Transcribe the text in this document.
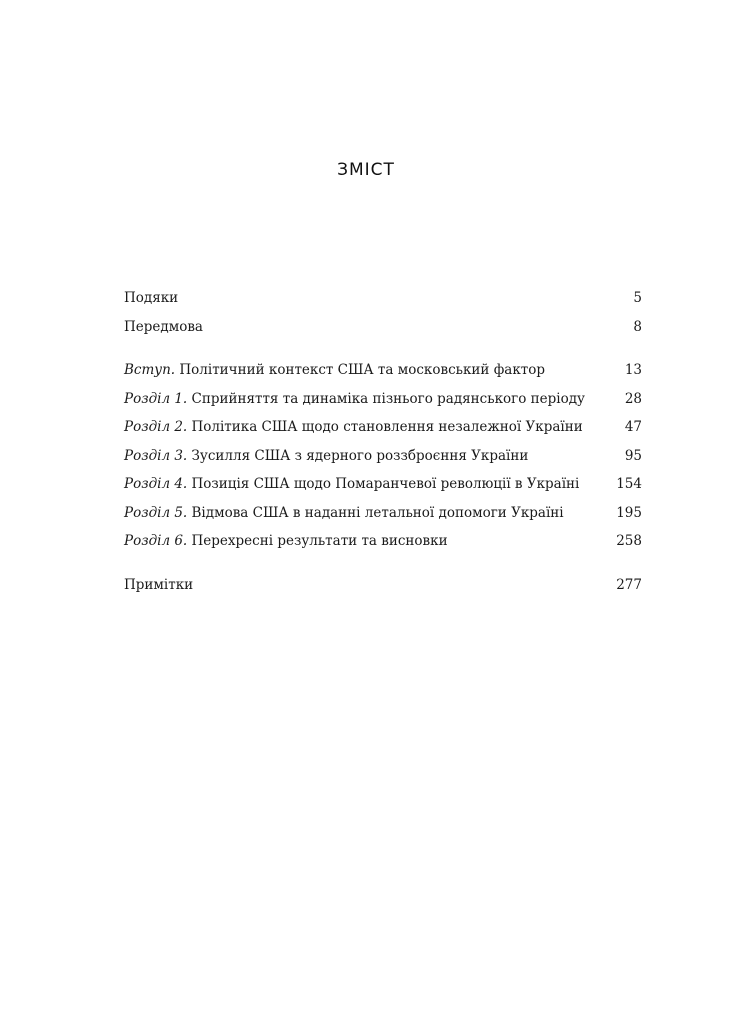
ЗМІСТ
Подяки	5
Передмова	8
Вступ. Політичний контекст США та московський фактор	13
Розділ 1. Сприйняття та динаміка пізнього радянського періоду	28
Розділ 2. Політика США щодо становлення незалежної України	47
Розділ 3. Зусилля США з ядерного роззброєння України	95
Розділ 4. Позиція США щодо Помаранчевої революції в Україні	154
Розділ 5. Відмова США в наданні летальної допомоги Україні	195
Розділ 6. Перехресні результати та висновки	258
Примітки	277
